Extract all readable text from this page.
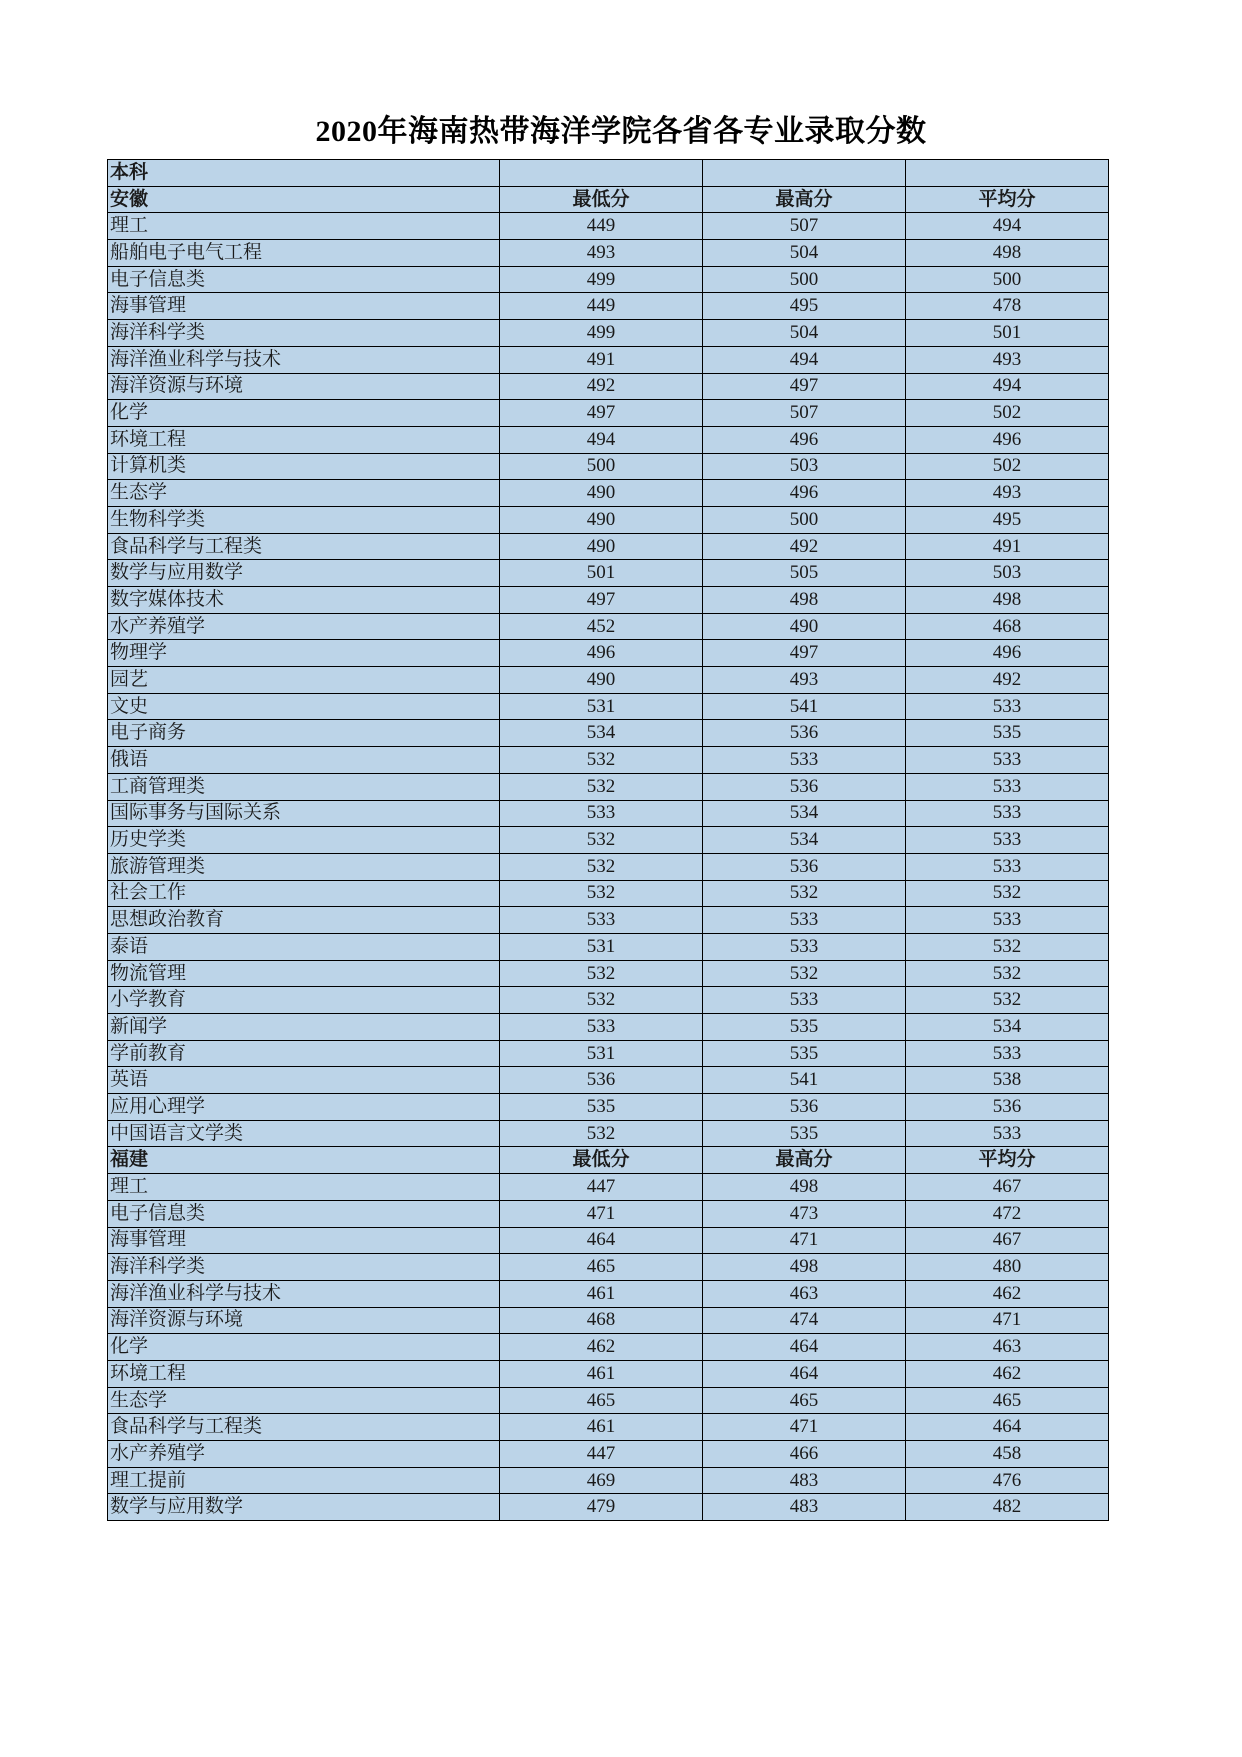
2020年海南热带海洋学院各省各专业录取分数
本科			
安徽	最低分	最高分	平均分
理工	449	507	494
船舶电子电气工程	493	504	498
电子信息类	499	500	500
海事管理	449	495	478
海洋科学类	499	504	501
海洋渔业科学与技术	491	494	493
海洋资源与环境	492	497	494
化学	497	507	502
环境工程	494	496	496
计算机类	500	503	502
生态学	490	496	493
生物科学类	490	500	495
食品科学与工程类	490	492	491
数学与应用数学	501	505	503
数字媒体技术	497	498	498
水产养殖学	452	490	468
物理学	496	497	496
园艺	490	493	492
文史	531	541	533
电子商务	534	536	535
俄语	532	533	533
工商管理类	532	536	533
国际事务与国际关系	533	534	533
历史学类	532	534	533
旅游管理类	532	536	533
社会工作	532	532	532
思想政治教育	533	533	533
泰语	531	533	532
物流管理	532	532	532
小学教育	532	533	532
新闻学	533	535	534
学前教育	531	535	533
英语	536	541	538
应用心理学	535	536	536
中国语言文学类	532	535	533
福建	最低分	最高分	平均分
理工	447	498	467
电子信息类	471	473	472
海事管理	464	471	467
海洋科学类	465	498	480
海洋渔业科学与技术	461	463	462
海洋资源与环境	468	474	471
化学	462	464	463
环境工程	461	464	462
生态学	465	465	465
食品科学与工程类	461	471	464
水产养殖学	447	466	458
理工提前	469	483	476
数学与应用数学	479	483	482
